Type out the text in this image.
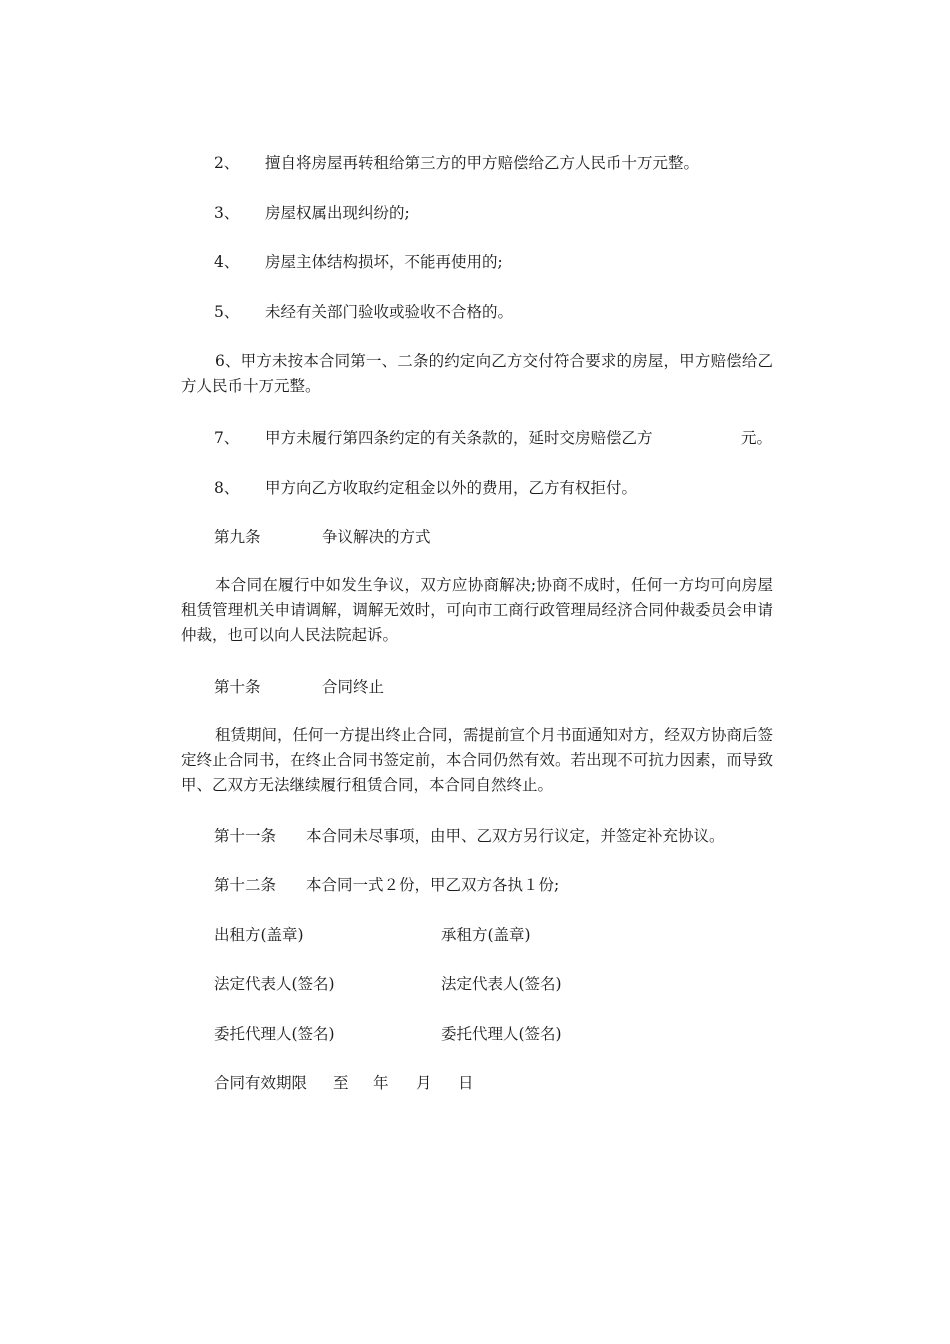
2、 擅自将房屋再转租给第三方的甲方赔偿给乙方人民币十万元整。
3、 房屋权属出现纠纷的;
4、 房屋主体结构损坏，不能再使用的;
5、 未经有关部门验收或验收不合格的。
6、甲方未按本合同第一、二条的约定向乙方交付符合要求的房屋，甲方赔偿给乙方人民币十万元整。
7、 甲方未履行第四条约定的有关条款的，延时交房赔偿乙方	元。
8、 甲方向乙方收取约定租金以外的费用，乙方有权拒付。
第九条	争议解决的方式
本合同在履行中如发生争议，双方应协商解决;协商不成时，任何一方均可向房屋租赁管理机关申请调解，调解无效时，可向市工商行政管理局经济合同仲裁委员会申请仲裁，也可以向人民法院起诉。
第十条	合同终止
租赁期间，任何一方提出终止合同，需提前宣个月书面通知对方，经双方协商后签定终止合同书，在终止合同书签定前，本合同仍然有效。若出现不可抗力因素，而导致甲、乙双方无法继续履行租赁合同，本合同自然终止。
第十一条 本合同未尽事项，由甲、乙双方另行议定，并签定补充协议。
第十二条 本合同一式２份，甲乙双方各执１份;
出租方(盖章)	承租方(盖章)
法定代表人(签名)	法定代表人(签名)
委托代理人(签名)	委托代理人(签名)
合同有效期限 至 年 月 日
